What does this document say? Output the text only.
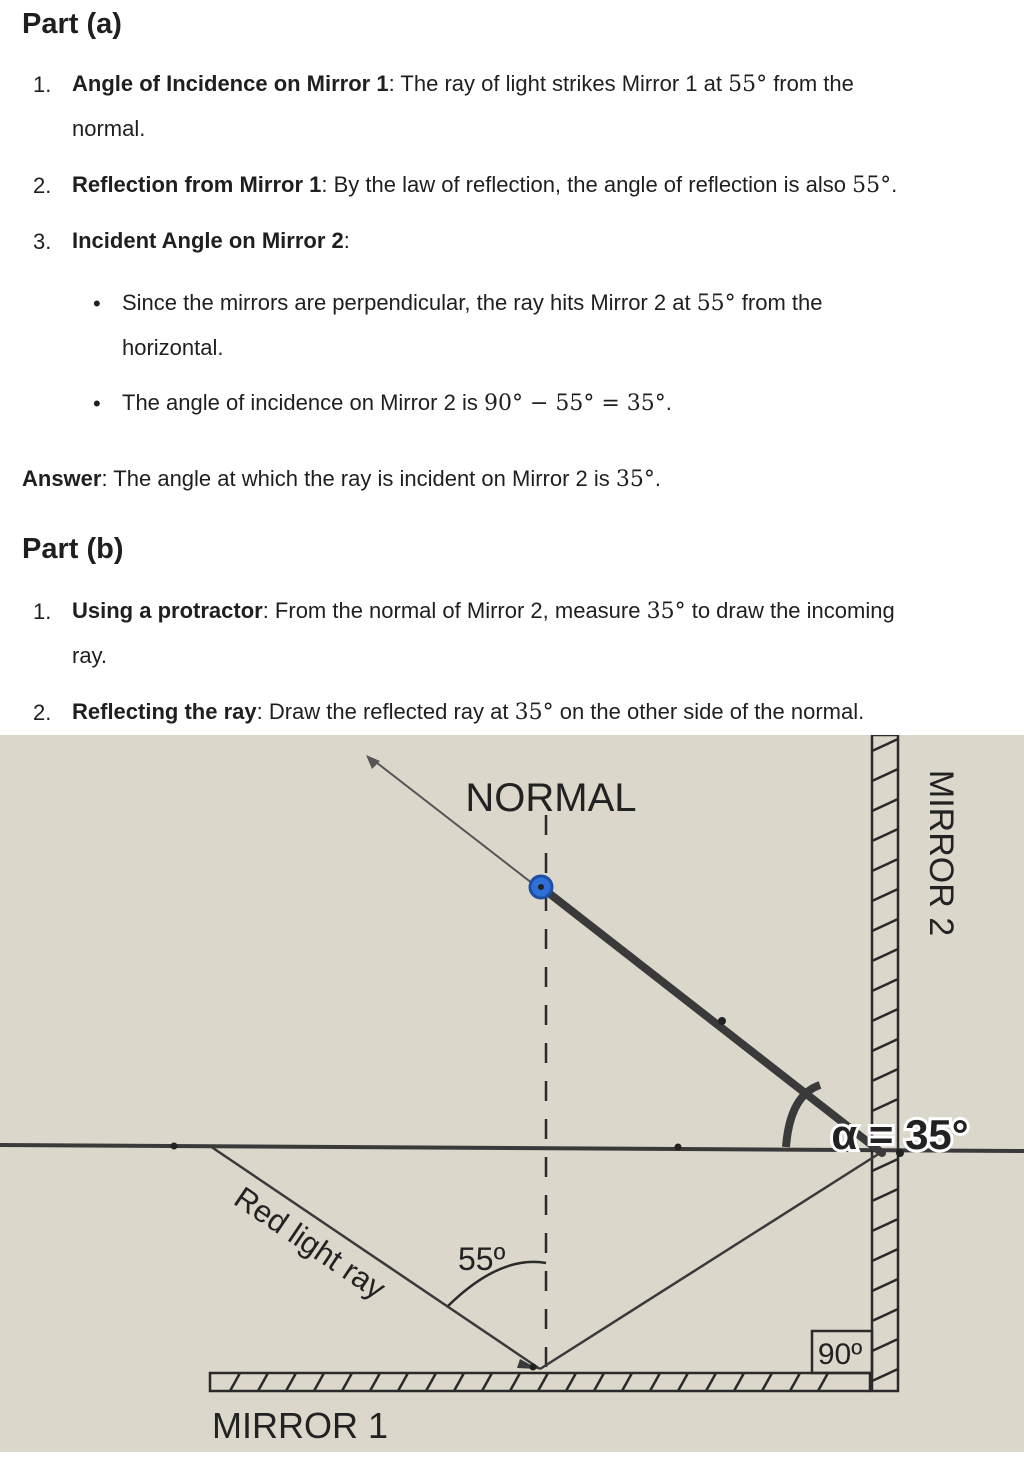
Part (a)
1. Angle of Incidence on Mirror 1: The ray of light strikes Mirror 1 at 55° from the
normal.
2. Reflection from Mirror 1: By the law of reflection, the angle of reflection is also 55°.
3. Incident Angle on Mirror 2:
• Since the mirrors are perpendicular, the ray hits Mirror 2 at 55° from the
horizontal.
• The angle of incidence on Mirror 2 is 90° − 55° = 35°.
Answer: The angle at which the ray is incident on Mirror 2 is 35°.
Part (b)
1. Using a protractor: From the normal of Mirror 2, measure 35° to draw the incoming
ray.
2. Reflecting the ray: Draw the reflected ray at 35° on the other side of the normal.
NORMAL
MIRROR 1
MIRROR 2
Red light ray 55º
α = 35°
90º
